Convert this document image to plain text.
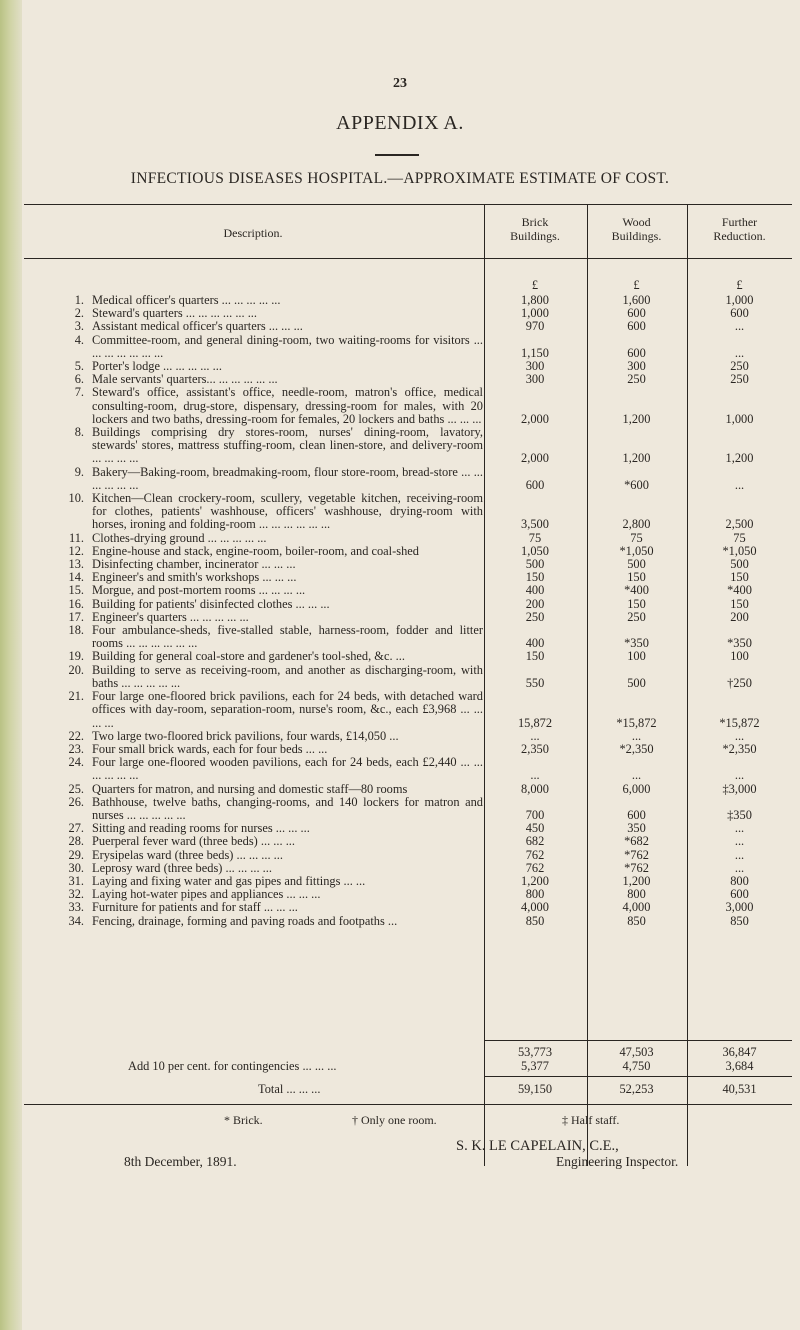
23
APPENDIX A.
INFECTIOUS DISEASES HOSPITAL.—APPROXIMATE ESTIMATE OF COST.
Description.
Brick
Buildings.
Wood
Buildings.
Further
Reduction.
£	£	£
1. Medical officer's quarters ... ... ... ... ...	1,800	1,600	1,000
2. Steward's quarters ... ... ... ... ... ...	1,000	600	600
3. Assistant medical officer's quarters ... ... ...	970	600	...
4. Committee-room, and general dining-room, two waiting-rooms for visitors ... ... ... ... ... ... ...	1,150	600	...
5. Porter's lodge ... ... ... ... ...	300	300	250
6. Male servants' quarters... ... ... ... ... ...	300	250	250
7. Steward's office, assistant's office, needle-room, matron's office, medical consulting-room, drug-store, dispensary, dressing-room for males, with 20 lockers and two baths, dressing-room for females, 20 lockers and baths ... ... ...	2,000	1,200	1,000
8. Buildings comprising dry stores-room, nurses' dining-room, lavatory, stewards' stores, mattress stuffing-room, clean linen-store, and delivery-room ... ... ... ...	2,000	1,200	1,200
9. Bakery—Baking-room, breadmaking-room, flour store-room, bread-store ... ... ... ... ... ...	600	*600	...
10. Kitchen—Clean crockery-room, scullery, vegetable kitchen, receiving-room for clothes, patients' washhouse, officers' washhouse, drying-room with horses, ironing and folding-room ... ... ... ... ... ...	3,500	2,800	2,500
11. Clothes-drying ground ... ... ... ... ...	75	75	75
12. Engine-house and stack, engine-room, boiler-room, and coal-shed	1,050	*1,050	*1,050
13. Disinfecting chamber, incinerator ... ... ...	500	500	500
14. Engineer's and smith's workshops ... ... ...	150	150	150
15. Morgue, and post-mortem rooms ... ... ... ...	400	*400	*400
16. Building for patients' disinfected clothes ... ... ...	200	150	150
17. Engineer's quarters ... ... ... ... ...	250	250	200
18. Four ambulance-sheds, five-stalled stable, harness-room, fodder and litter rooms ... ... ... ... ... ...	400	*350	*350
19. Building for general coal-store and gardener's tool-shed, &c. ...	150	100	100
20. Building to serve as receiving-room, and another as discharging-room, with baths ... ... ... ... ...	550	500	†250
21. Four large one-floored brick pavilions, each for 24 beds, with detached ward offices with day-room, separation-room, nurse's room, &c., each £3,968 ... ... ... ...	15,872	*15,872	*15,872
22. Two large two-floored brick pavilions, four wards, £14,050 ...	...	...	...
23. Four small brick wards, each for four beds ... ...	2,350	*2,350	*2,350
24. Four large one-floored wooden pavilions, each for 24 beds, each £2,440 ... ... ... ... ... ...	...	...	...
25. Quarters for matron, and nursing and domestic staff—80 rooms	8,000	6,000	‡3,000
26. Bathhouse, twelve baths, changing-rooms, and 140 lockers for matron and nurses ... ... ... ... ...	700	600	‡350
27. Sitting and reading rooms for nurses ... ... ...	450	350	...
28. Puerperal fever ward (three beds) ... ... ...	682	*682	...
29. Erysipelas ward (three beds) ... ... ... ...	762	*762	...
30. Leprosy ward (three beds) ... ... ... ...	762	*762	...
31. Laying and fixing water and gas pipes and fittings ... ...	1,200	1,200	800
32. Laying hot-water pipes and appliances ... ... ...	800	800	600
33. Furniture for patients and for staff ... ... ...	4,000	4,000	3,000
34. Fencing, drainage, forming and paving roads and footpaths ...	850	850	850
53,773	47,503	36,847
Add 10 per cent. for contingencies ... ... ...	5,377	4,750	3,684
Total ... ... ...	59,150	52,253	40,531
* Brick.	† Only one room.	‡ Half staff.
S. K. LE CAPELAIN, C.E.,
8th December, 1891.	Engineering Inspector.
